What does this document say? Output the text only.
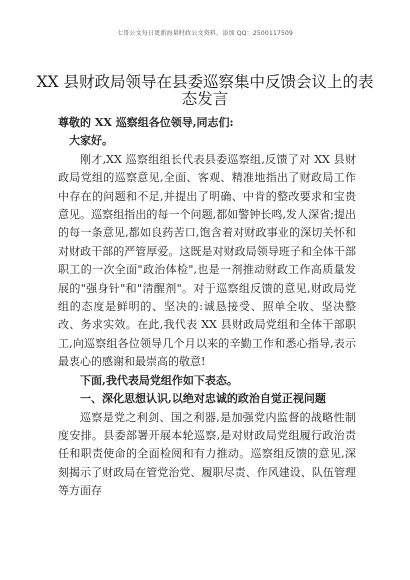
七哥公文每日更新海量时政公文资料，添加 QQ：2500117509
XX 县财政局领导在县委巡察集中反馈会议上的表态发言

尊敬的 XX 巡察组各位领导,同志们:

大家好。

刚才,XX 巡察组组长代表县委巡察组,反馈了对 XX 县财政局党组的巡察意见,全面、客观、精准地指出了财政局工作中存在的问题和不足,并提出了明确、中肯的整改要求和宝贵意见。巡察组指出的每一个问题,都如警钟长鸣,发人深省;提出的每一条意见,都如良药苦口,饱含着对财政事业的深切关怀和对财政干部的严管厚爱。这既是对财政局领导班子和全体干部职工的一次全面"政治体检",也是一剂推动财政工作高质量发展的"强身针"和"清醒剂"。对于巡察组反馈的意见,财政局党组的态度是鲜明的、坚决的:诚恳接受、照单全收、坚决整改、务求实效。在此,我代表 XX 县财政局党组和全体干部职工,向巡察组各位领导几个月以来的辛勤工作和悉心指导,表示最衷心的感谢和最崇高的敬意!

下面,我代表局党组作如下表态。

一、深化思想认识,以绝对忠诚的政治自觉正视问题

巡察是党之利剑、国之利器,是加强党内监督的战略性制度安排。县委部署开展本轮巡察,是对财政局党组履行政治责任和职责使命的全面检阅和有力推动。巡察组反馈的意见,深刻揭示了财政局在管党治党、履职尽责、作风建设、队伍管理等方面存
